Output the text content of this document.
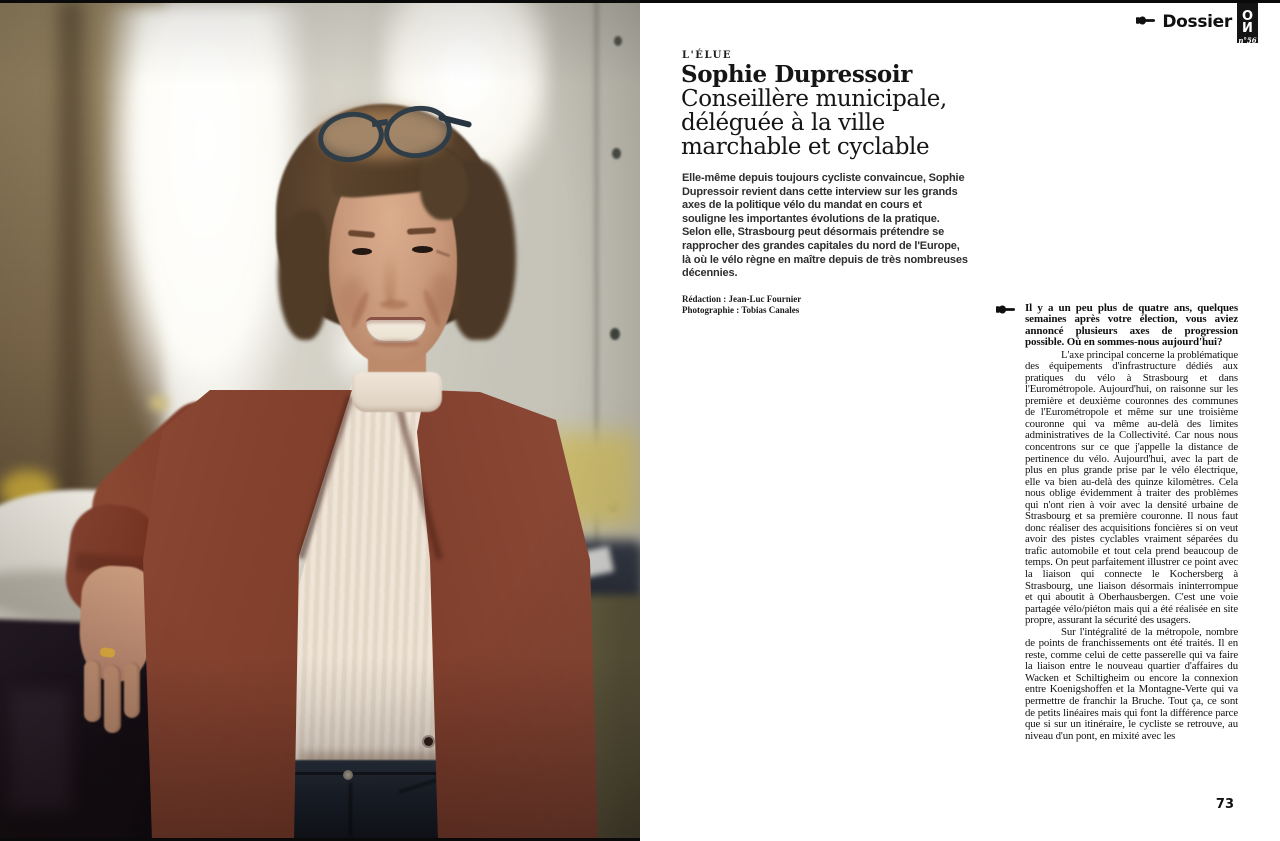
Dossier ON
n°56
L'ÉLUE
Sophie Dupressoir
Conseillère municipale,
déléguée à la ville
marchable et cyclable

Elle-même depuis toujours cycliste convaincue, Sophie Dupressoir revient dans cette interview sur les grands axes de la politique vélo du mandat en cours et souligne les importantes évolutions de la pratique. Selon elle, Strasbourg peut désormais prétendre se rapprocher des grandes capitales du nord de l'Europe, là où le vélo règne en maître depuis de très nombreuses décennies.

Rédaction : Jean-Luc Fournier
Photographie : Tobias Canales	Il y a un peu plus de quatre ans, quelques semaines après votre élection, vous aviez annoncé plusieurs axes de progression possible. Où en sommes-nous aujourd'hui?

L'axe principal concerne la problématique des équipements d'infrastructure dédiés aux pratiques du vélo à Strasbourg et dans l'Eurométropole. Aujourd'hui, on raisonne sur les première et deuxième couronnes des communes de l'Eurométropole et même sur une troisième couronne qui va même au-delà des limites administratives de la Collectivité. Car nous nous concentrons sur ce que j'appelle la distance de pertinence du vélo. Aujourd'hui, avec la part de plus en plus grande prise par le vélo électrique, elle va bien au-delà des quinze kilomètres. Cela nous oblige évidemment à traiter des problèmes qui n'ont rien à voir avec la densité urbaine de Strasbourg et sa première couronne. Il nous faut donc réaliser des acquisitions foncières si on veut avoir des pistes cyclables vraiment séparées du trafic automobile et tout cela prend beaucoup de temps. On peut parfaitement illustrer ce point avec la liaison qui connecte le Kochersberg à Strasbourg, une liaison désormais ininterrompue et qui aboutit à Oberhausbergen. C'est une voie partagée vélo/piéton mais qui a été réalisée en site propre, assurant la sécurité des usagers.

Sur l'intégralité de la métropole, nombre de points de franchissements ont été traités. Il en reste, comme celui de cette passerelle qui va faire la liaison entre le nouveau quartier d'affaires du Wacken et Schiltigheim ou encore la connexion entre Koenigshoffen et la Montagne-Verte qui va permettre de franchir la Bruche. Tout ça, ce sont de petits linéaires mais qui font la différence parce que si sur un itinéraire, le cycliste se retrouve, au niveau d'un pont, en mixité avec les

73
